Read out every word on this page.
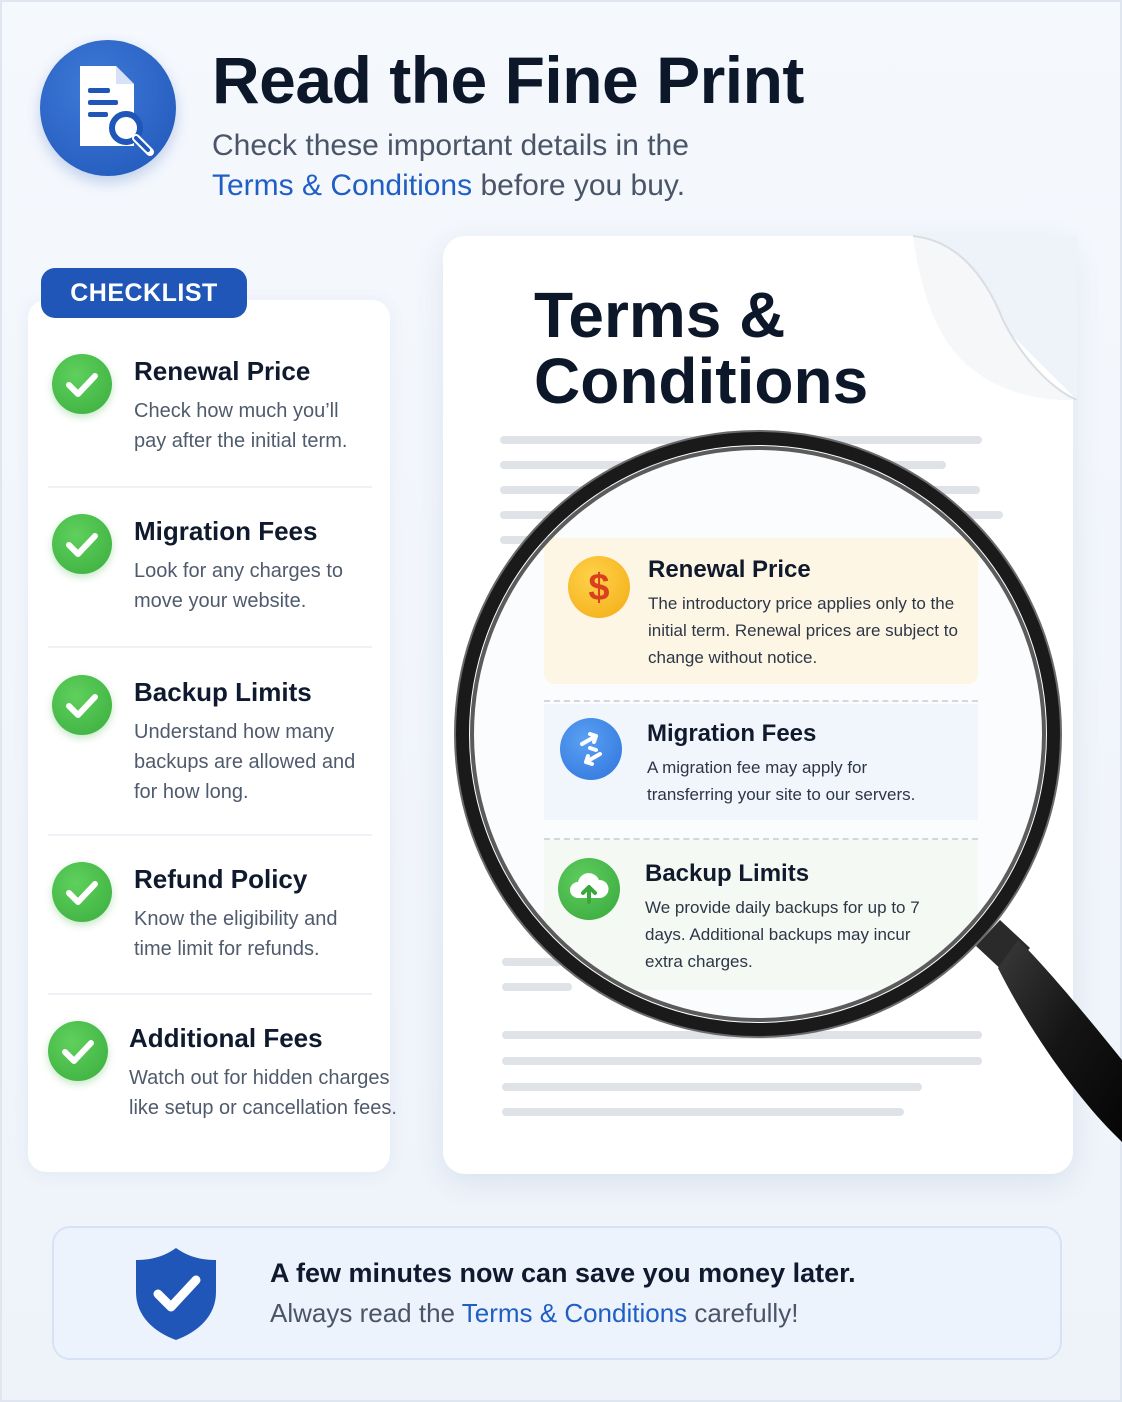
Read the Fine Print
Check these important details in the
Terms & Conditions before you buy.
CHECKLIST
Renewal Price
Check how much you’ll pay after the initial term.
Migration Fees
Look for any charges to move your website.
Backup Limits
Understand how many backups are allowed and for how long.
Refund Policy
Know the eligibility and time limit for refunds.
Additional Fees
Watch out for hidden charges like setup or cancellation fees.
Terms & Conditions
$ Renewal Price
The introductory price applies only to the initial term. Renewal prices are subject to change without notice.
Migration Fees
A migration fee may apply for transferring your site to our servers.
Backup Limits
We provide daily backups for up to 7 days. Additional backups may incur extra charges.
A few minutes now can save you money later.
Always read the Terms & Conditions carefully!
